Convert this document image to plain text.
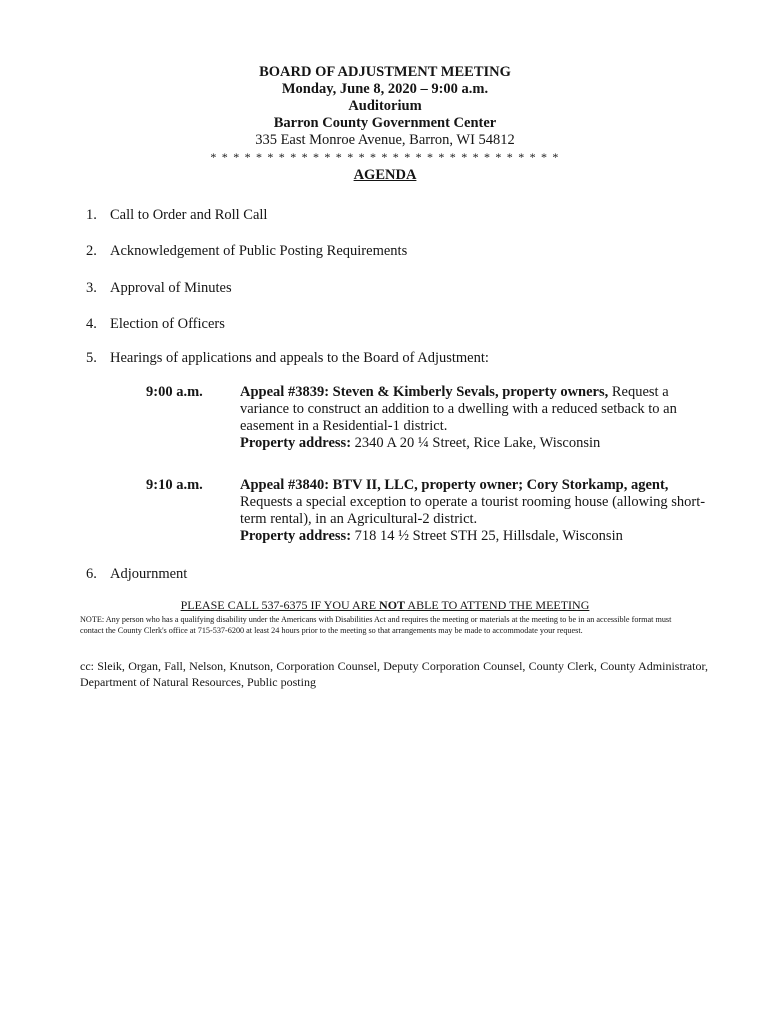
BOARD OF ADJUSTMENT MEETING
Monday, June 8, 2020 – 9:00 a.m.
Auditorium
Barron County Government Center
335 East Monroe Avenue, Barron, WI 54812
* * * * * * * * * * * * * * * * * * * * * * * * * * * * * * *
AGENDA
1. Call to Order and Roll Call
2. Acknowledgement of Public Posting Requirements
3. Approval of Minutes
4. Election of Officers
5. Hearings of applications and appeals to the Board of Adjustment:
9:00 a.m.	Appeal #3839: Steven & Kimberly Sevals, property owners, Request a variance to construct an addition to a dwelling with a reduced setback to an easement in a Residential-1 district.
Property address: 2340 A 20 ¼ Street, Rice Lake, Wisconsin
9:10 a.m.	Appeal #3840: BTV II, LLC, property owner; Cory Storkamp, agent, Requests a special exception to operate a tourist rooming house (allowing short-term rental), in an Agricultural-2 district.
Property address: 718 14 ½ Street STH 25, Hillsdale, Wisconsin
6. Adjournment
PLEASE CALL 537-6375 IF YOU ARE NOT ABLE TO ATTEND THE MEETING
NOTE: Any person who has a qualifying disability under the Americans with Disabilities Act and requires the meeting or materials at the meeting to be in an accessible format must contact the County Clerk's office at 715-537-6200 at least 24 hours prior to the meeting so that arrangements may be made to accommodate your request.
cc: Sleik, Organ, Fall, Nelson, Knutson, Corporation Counsel, Deputy Corporation Counsel, County Clerk, County Administrator, Department of Natural Resources, Public posting
